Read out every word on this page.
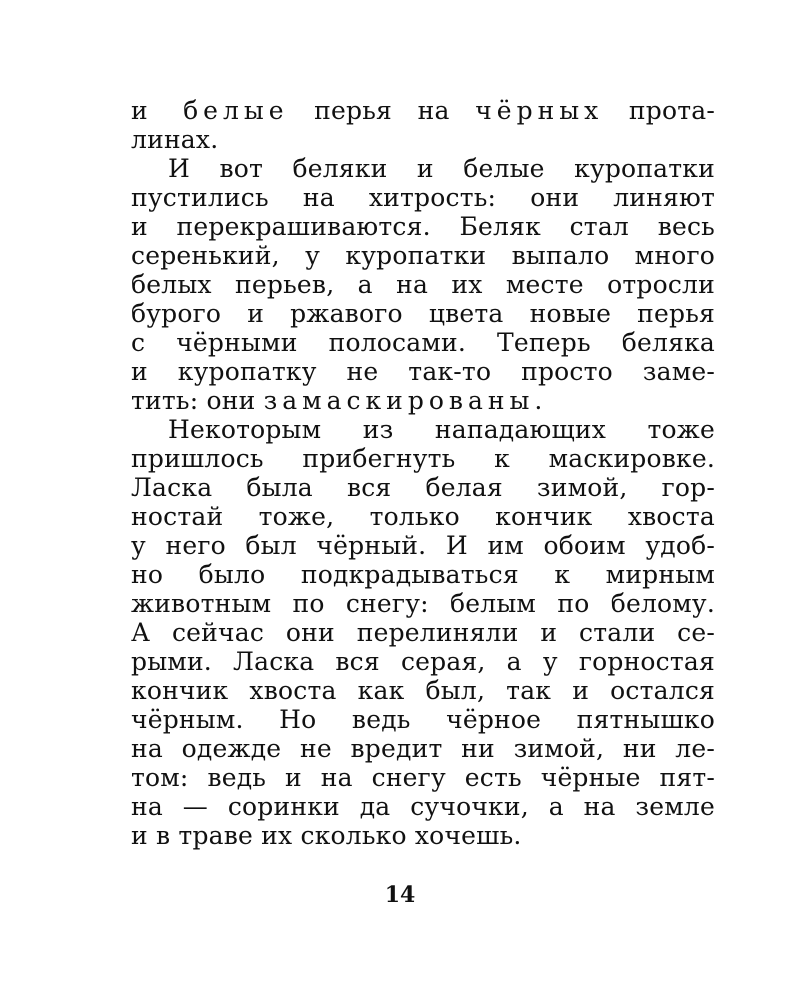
и белые перья на чёрных прота-
линах.
И вот беляки и белые куропатки
пустились на хитрость: они линяют
и перекрашиваются. Беляк стал весь
серенький, у куропатки выпало много
белых перьев, а на их месте отросли
бурого и ржавого цвета новые перья
с чёрными полосами. Теперь беляка
и куропатку не так-то просто заме-
тить: они замаскированы.
Некоторым из нападающих тоже
пришлось прибегнуть к маскировке.
Ласка была вся белая зимой, гор-
ностай тоже, только кончик хвоста
у него был чёрный. И им обоим удоб-
но было подкрадываться к мирным
животным по снегу: белым по белому.
А сейчас они перелиняли и стали се-
рыми. Ласка вся серая, а у горностая
кончик хвоста как был, так и остался
чёрным. Но ведь чёрное пятнышко
на одежде не вредит ни зимой, ни ле-
том: ведь и на снегу есть чёрные пят-
на — соринки да сучочки, а на земле
и в траве их сколько хочешь.
14
